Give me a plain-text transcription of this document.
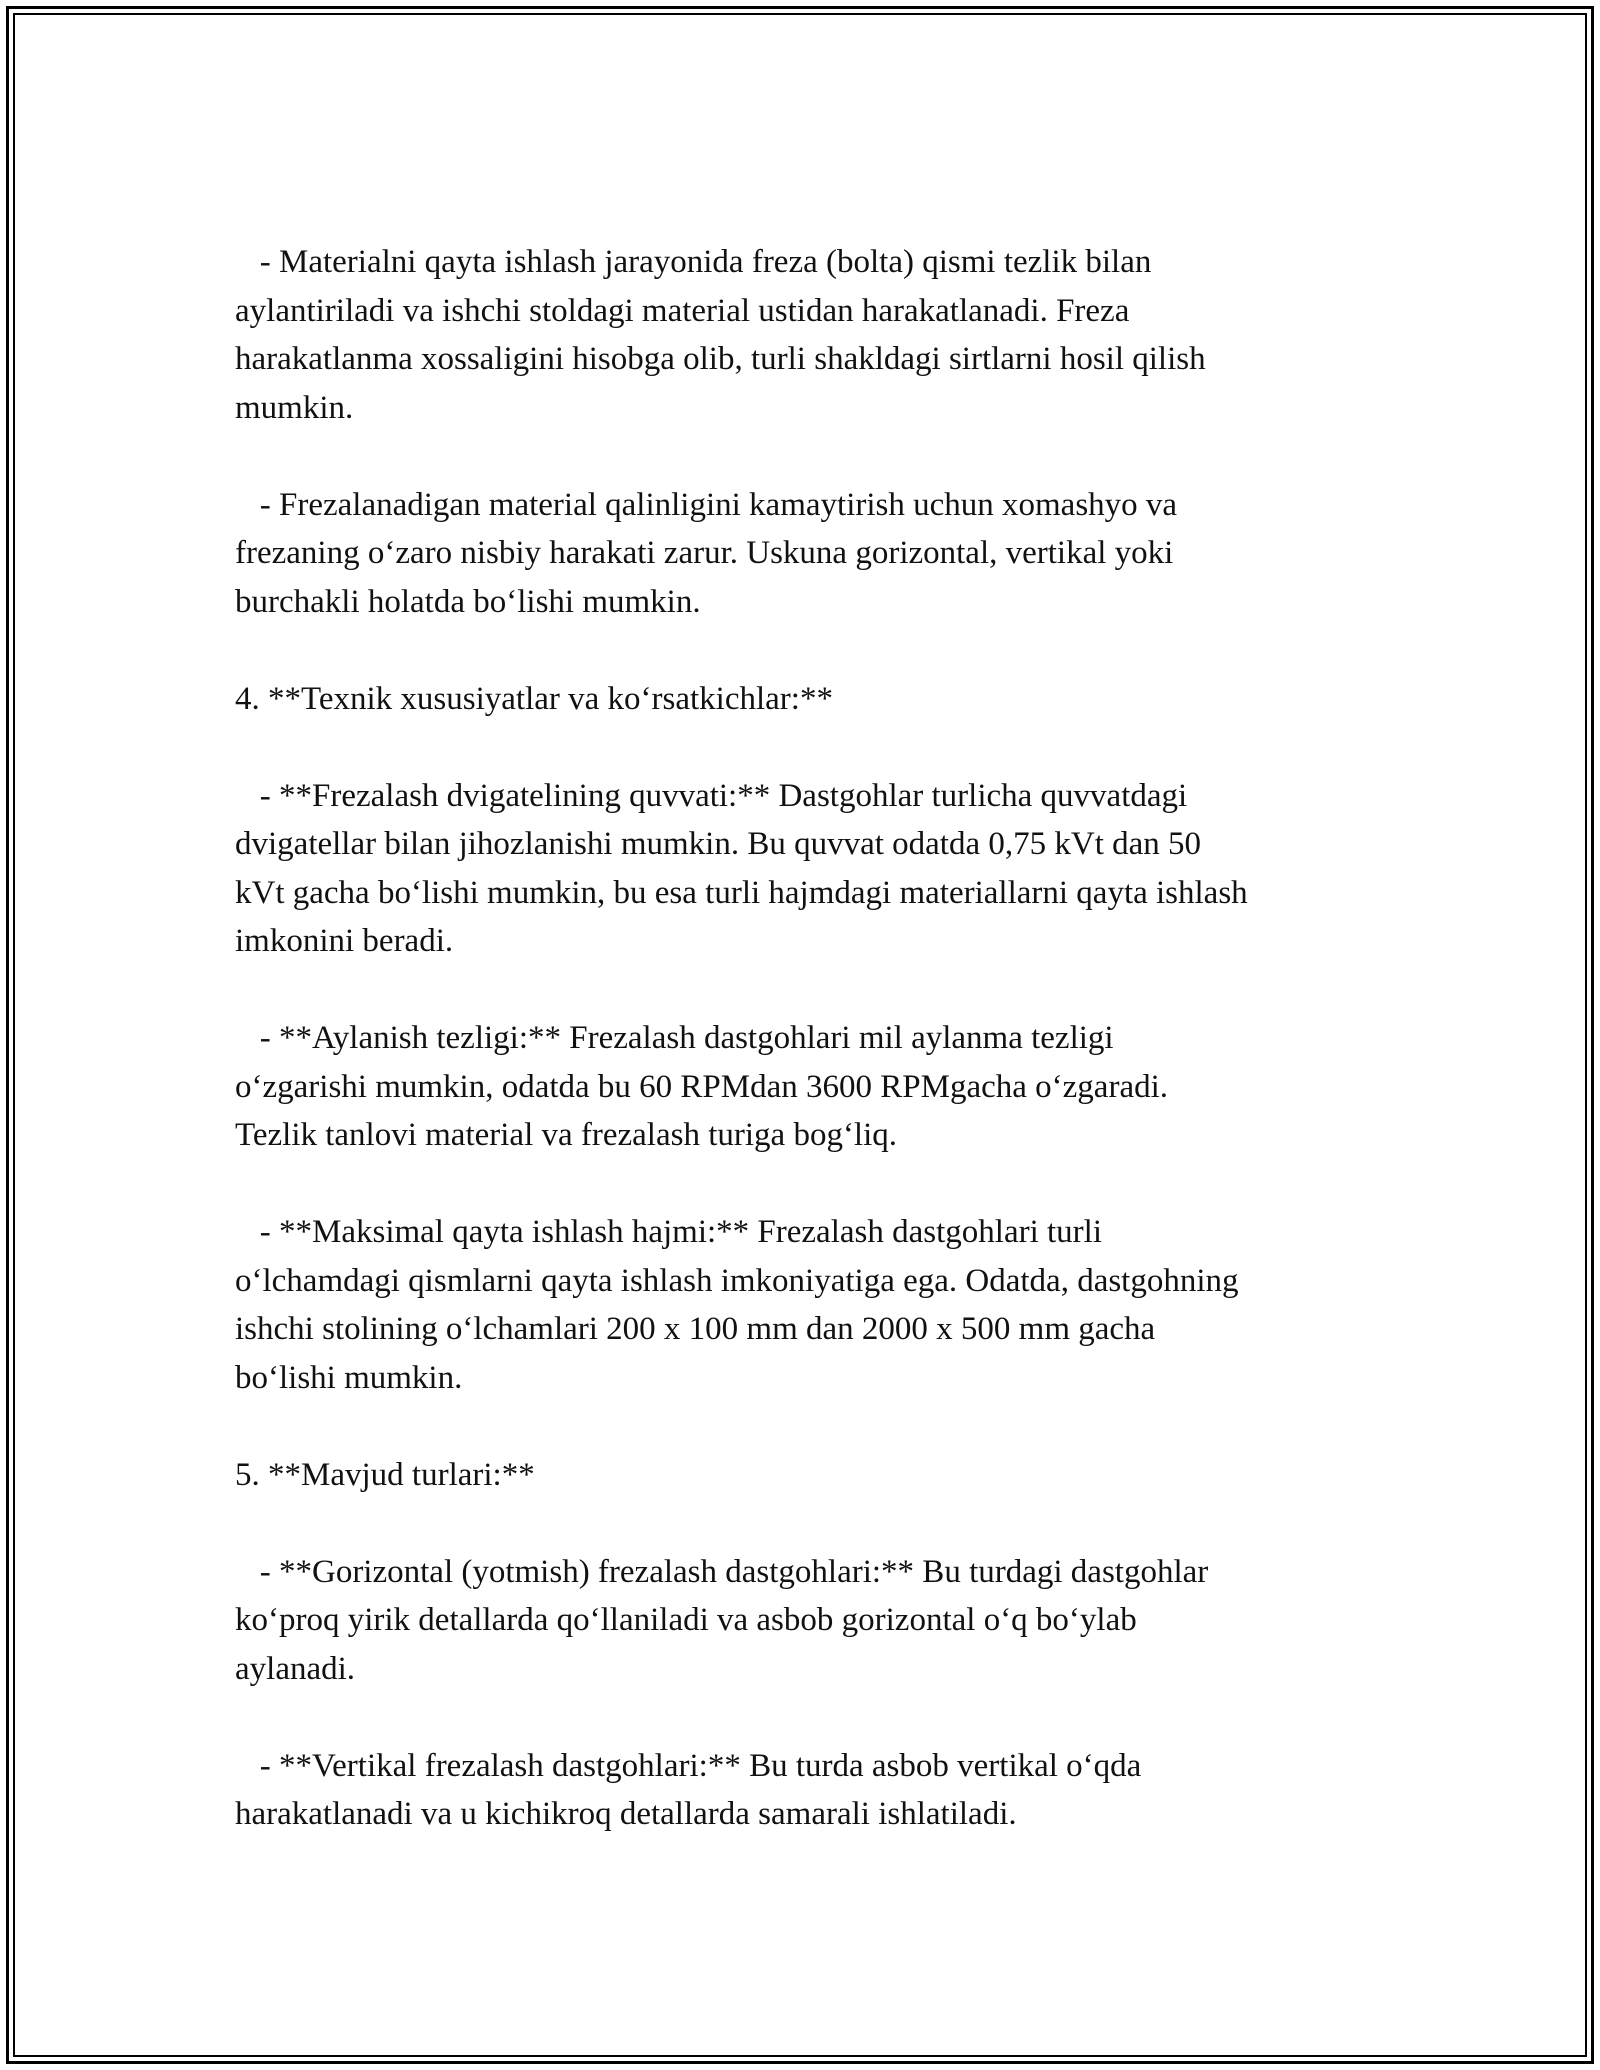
- Materialni qayta ishlash jarayonida freza (bolta) qismi tezlik bilan
aylantiriladi va ishchi stoldagi material ustidan harakatlanadi. Freza
harakatlanma xossaligini hisobga olib, turli shakldagi sirtlarni hosil qilish
mumkin.

- Frezalanadigan material qalinligini kamaytirish uchun xomashyo va
frezaning o‘zaro nisbiy harakati zarur. Uskuna gorizontal, vertikal yoki
burchakli holatda bo‘lishi mumkin.

4. **Texnik xususiyatlar va ko‘rsatkichlar:**

- **Frezalash dvigatelining quvvati:** Dastgohlar turlicha quvvatdagi
dvigatellar bilan jihozlanishi mumkin. Bu quvvat odatda 0,75 kVt dan 50
kVt gacha bo‘lishi mumkin, bu esa turli hajmdagi materiallarni qayta ishlash
imkonini beradi.

- **Aylanish tezligi:** Frezalash dastgohlari mil aylanma tezligi
o‘zgarishi mumkin, odatda bu 60 RPMdan 3600 RPMgacha o‘zgaradi.
Tezlik tanlovi material va frezalash turiga bog‘liq.

- **Maksimal qayta ishlash hajmi:** Frezalash dastgohlari turli
o‘lchamdagi qismlarni qayta ishlash imkoniyatiga ega. Odatda, dastgohning
ishchi stolining o‘lchamlari 200 x 100 mm dan 2000 x 500 mm gacha
bo‘lishi mumkin.

5. **Mavjud turlari:**

- **Gorizontal (yotmish) frezalash dastgohlari:** Bu turdagi dastgohlar
ko‘proq yirik detallarda qo‘llaniladi va asbob gorizontal o‘q bo‘ylab
aylanadi.

- **Vertikal frezalash dastgohlari:** Bu turda asbob vertikal o‘qda
harakatlanadi va u kichikroq detallarda samarali ishlatiladi.
